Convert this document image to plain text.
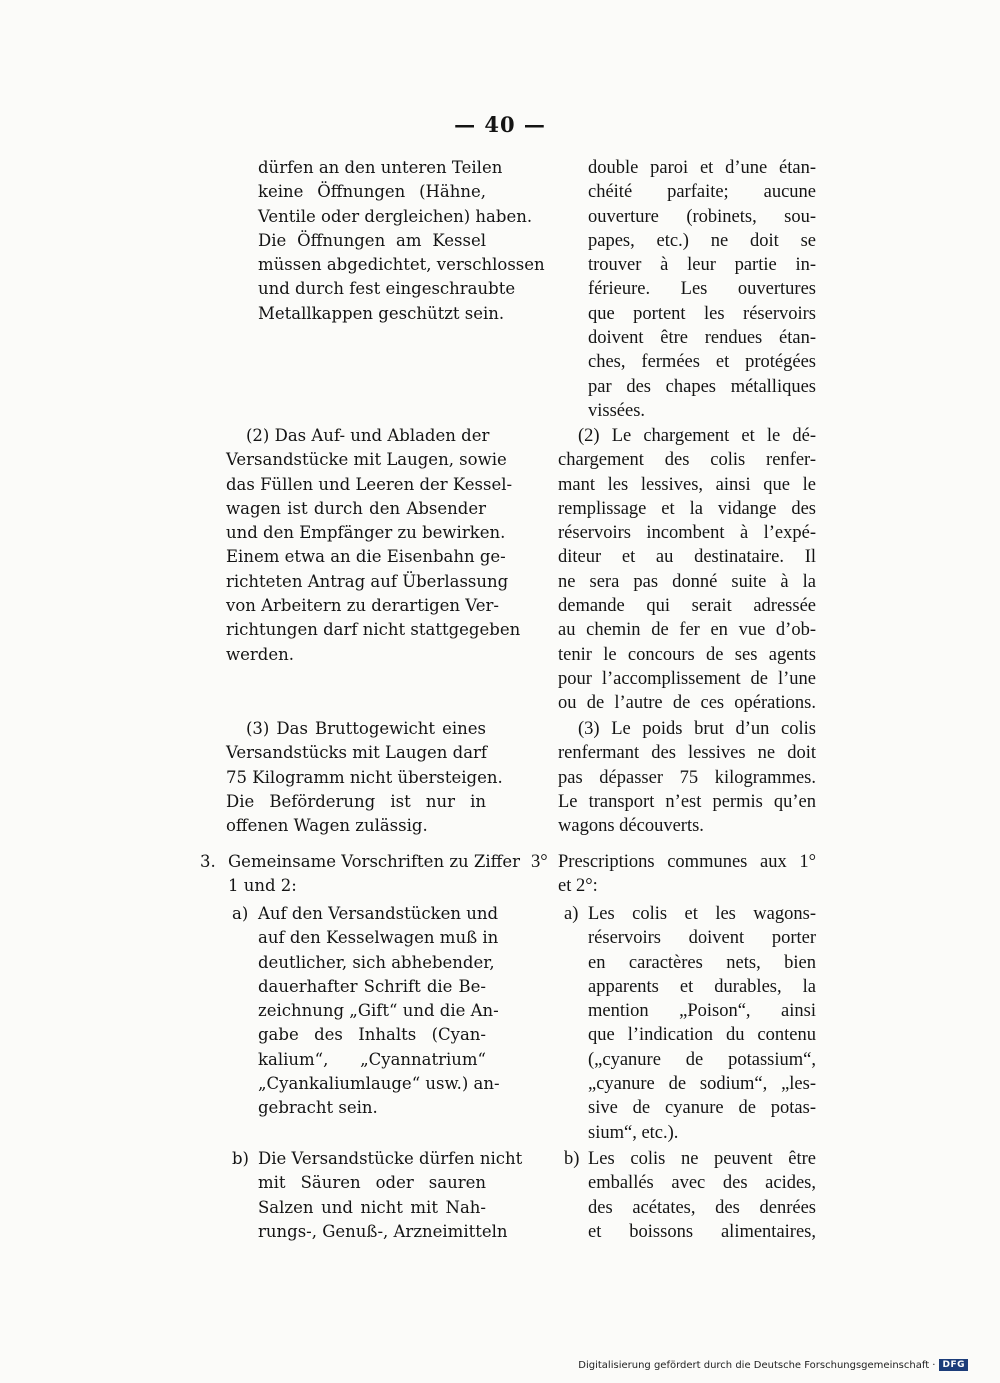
— 40 —
dürfen an den unteren Teilen
keine Öffnungen (Hähne,
Ventile oder dergleichen) haben.
Die Öffnungen am Kessel
müssen abgedichtet, verschlossen
und durch fest eingeschraubte
Metallkappen geschützt sein.
(2) Das Auf- und Abladen der
Versandstücke mit Laugen, sowie
das Füllen und Leeren der Kessel-
wagen ist durch den Absender
und den Empfänger zu bewirken.
Einem etwa an die Eisenbahn ge-
richteten Antrag auf Überlassung
von Arbeitern zu derartigen Ver-
richtungen darf nicht stattgegeben
werden.
(3) Das Bruttogewicht eines
Versandstücks mit Laugen darf
75 Kilogramm nicht übersteigen.
Die Beförderung ist nur in
offenen Wagen zulässig.
3. Gemeinsame Vorschriften zu Ziffer
1 und 2:
a) Auf den Versandstücken und
auf den Kesselwagen muß in
deutlicher, sich abhebender,
dauerhafter Schrift die Be-
zeichnung „Gift“ und die An-
gabe des Inhalts (Cyan-
kalium“, „Cyannatrium“
„Cyankaliumlauge“ usw.) an-
gebracht sein.
b) Die Versandstücke dürfen nicht
mit Säuren oder sauren
Salzen und nicht mit Nah-
rungs-, Genuß-, Arzneimitteln
double paroi et d’une étan-
chéité parfaite; aucune
ouverture (robinets, sou-
papes, etc.) ne doit se
trouver à leur partie in-
férieure. Les ouvertures
que portent les réservoirs
doivent être rendues étan-
ches, fermées et protégées
par des chapes métalliques
vissées.
(2) Le chargement et le dé-
chargement des colis renfer-
mant les lessives, ainsi que le
remplissage et la vidange des
réservoirs incombent à l’expé-
diteur et au destinataire. Il
ne sera pas donné suite à la
demande qui serait adressée
au chemin de fer en vue d’ob-
tenir le concours de ses agents
pour l’accomplissement de l’une
ou de l’autre de ces opérations.
(3) Le poids brut d’un colis
renfermant des lessives ne doit
pas dépasser 75 kilogrammes.
Le transport n’est permis qu’en
wagons découverts.
3° Prescriptions communes aux 1°
et 2°:
a) Les colis et les wagons-
réservoirs doivent porter
en caractères nets, bien
apparents et durables, la
mention „Poison“, ainsi
que l’indication du contenu
(„cyanure de potassium“,
„cyanure de sodium“, „les-
sive de cyanure de potas-
sium“, etc.).
b) Les colis ne peuvent être
emballés avec des acides,
des acétates, des denrées
et boissons alimentaires,
Digitalisierung gefördert durch die Deutsche Forschungsgemeinschaft · DFG
